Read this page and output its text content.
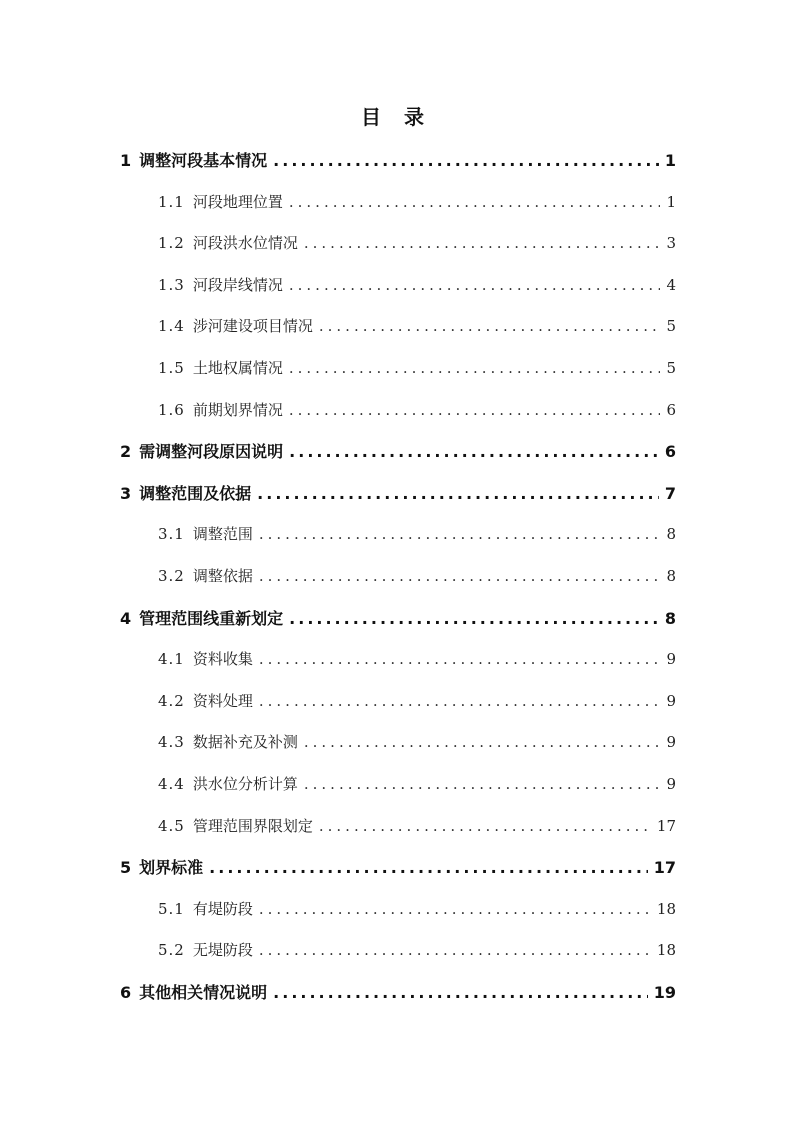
目 录
1 调整河段基本情况 .....	1
1.1 河段地理位置 .....	1
1.2 河段洪水位情况 .....	3
1.3 河段岸线情况 .....	4
1.4 涉河建设项目情况 .....	5
1.5 土地权属情况 .....	5
1.6 前期划界情况 .....	6
2 需调整河段原因说明 .....	6
3 调整范围及依据 .....	7
3.1 调整范围 .....	8
3.2 调整依据 .....	8
4 管理范围线重新划定 .....	8
4.1 资料收集 .....	9
4.2 资料处理 .....	9
4.3 数据补充及补测 .....	9
4.4 洪水位分析计算 .....	9
4.5 管理范围界限划定 .....	17
5 划界标准 .....	17
5.1 有堤防段 .....	18
5.2 无堤防段 .....	18
6 其他相关情况说明 .....	19
